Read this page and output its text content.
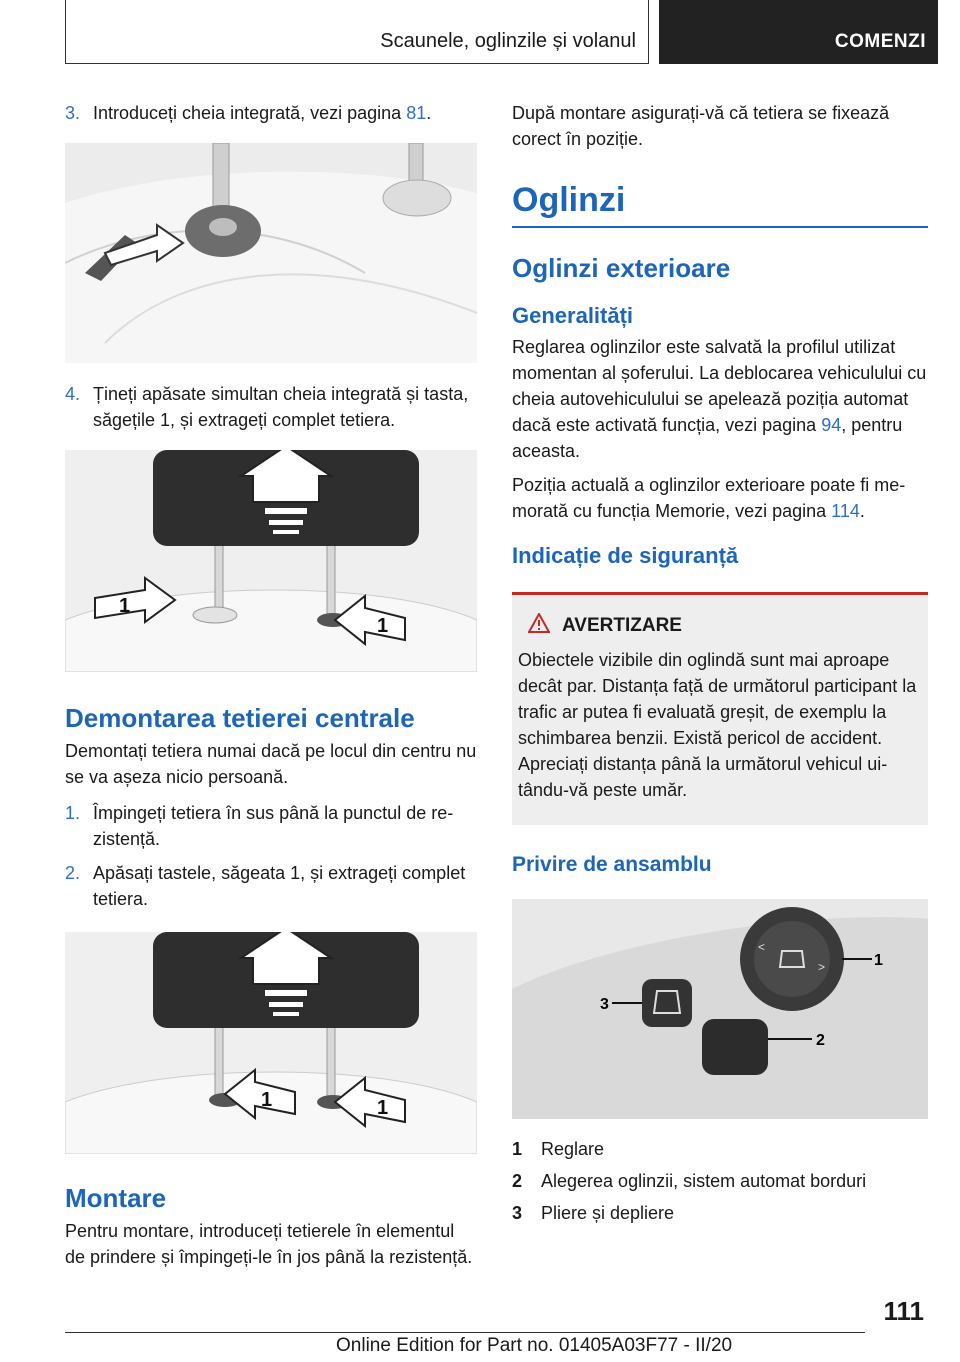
Scaunele, oglinzile și volanul	COMENZI
3. Introduceți cheia integrată, vezi pagina 81.
4. Țineți apăsate simultan cheia integrată și tasta, săgețile 1, și extrageți complet tetiera.
1
1
Demontarea tetierei centrale

Demontați tetiera numai dacă pe locul din centru nu se va așeza nicio persoană.

1. Împingeți tetiera în sus până la punctul de rezistență.
2. Apăsați tastele, săgeata 1, și extrageți complet tetiera.
1	1
Montare

Pentru montare, introduceți tetierele în elementul de prindere și împingeți-le în jos până la rezistență.

După montare asigurați-vă că tetiera se fixează corect în poziție.

Oglinzi
Oglinzi exterioare
Generalități

Reglarea oglinzilor este salvată la profilul utilizat momentan al șoferului. La deblocarea vehiculului cu cheia autovehiculului se apelează poziția automat dacă este activată funcția, vezi pagina 94, pentru aceasta.

Poziția actuală a oglinzilor exterioare poate fi memorată cu funcția Memorie, vezi pagina 114.

Indicație de siguranță
AVERTIZARE

Obiectele vizibile din oglindă sunt mai aproape decât par. Distanța față de următorul participant la trafic ar putea fi evaluată greșit, de exemplu la schimbarea benzii. Există pericol de accident. Apreciați distanța până la următorul vehicul uitându-vă peste umăr.

Privire de ansamblu
<
>	1
3
2
1	Reglare
2	Alegerea oglinzii, sistem automat borduri
3	Pliere și depliere
111
Online Edition for Part no. 01405A03F77 - II/20
